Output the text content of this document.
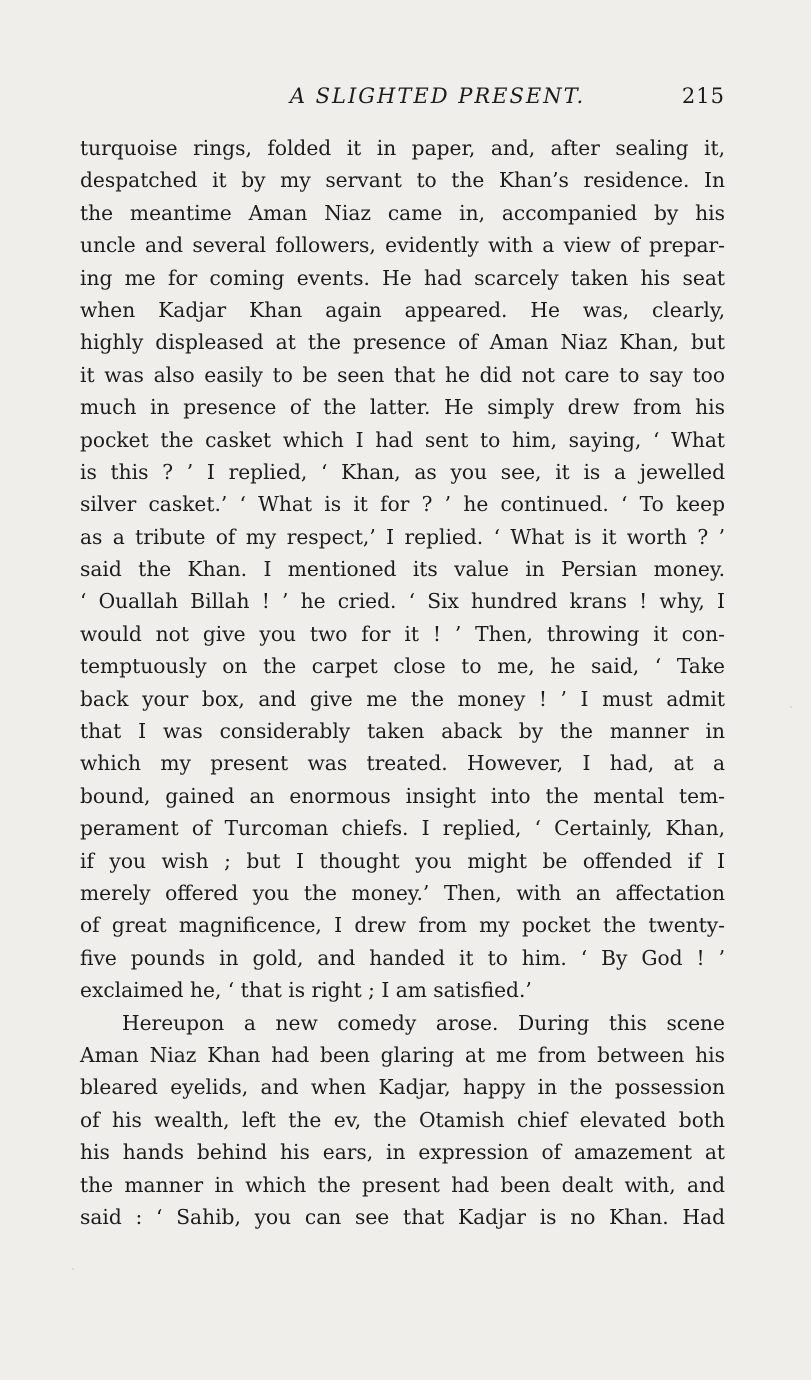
A SLIGHTED PRESENT.	215
turquoise rings, folded it in paper, and, after sealing it,
despatched it by my servant to the Khan’s residence. In
the meantime Aman Niaz came in, accompanied by his
uncle and several followers, evidently with a view of prepar-
ing me for coming events. He had scarcely taken his seat
when Kadjar Khan again appeared. He was, clearly,
highly displeased at the presence of Aman Niaz Khan, but
it was also easily to be seen that he did not care to say too
much in presence of the latter. He simply drew from his
pocket the casket which I had sent to him, saying, ‘ What
is this ? ’ I replied, ‘ Khan, as you see, it is a jewelled
silver casket.’ ‘ What is it for ? ’ he continued. ‘ To keep
as a tribute of my respect,’ I replied. ‘ What is it worth ? ’
said the Khan. I mentioned its value in Persian money.
‘ Ouallah Billah ! ’ he cried. ‘ Six hundred krans ! why, I
would not give you two for it ! ’ Then, throwing it con-
temptuously on the carpet close to me, he said, ‘ Take
back your box, and give me the money ! ’ I must admit
that I was considerably taken aback by the manner in
which my present was treated. However, I had, at a
bound, gained an enormous insight into the mental tem-
perament of Turcoman chiefs. I replied, ‘ Certainly, Khan,
if you wish ; but I thought you might be offended if I
merely offered you the money.’ Then, with an affectation
of great magnificence, I drew from my pocket the twenty-
five pounds in gold, and handed it to him. ‘ By God ! ’
exclaimed he, ‘ that is right ; I am satisfied.’
Hereupon a new comedy arose. During this scene
Aman Niaz Khan had been glaring at me from between his
bleared eyelids, and when Kadjar, happy in the possession
of his wealth, left the ev, the Otamish chief elevated both
his hands behind his ears, in expression of amazement at
the manner in which the present had been dealt with, and
said : ‘ Sahib, you can see that Kadjar is no Khan. Had
